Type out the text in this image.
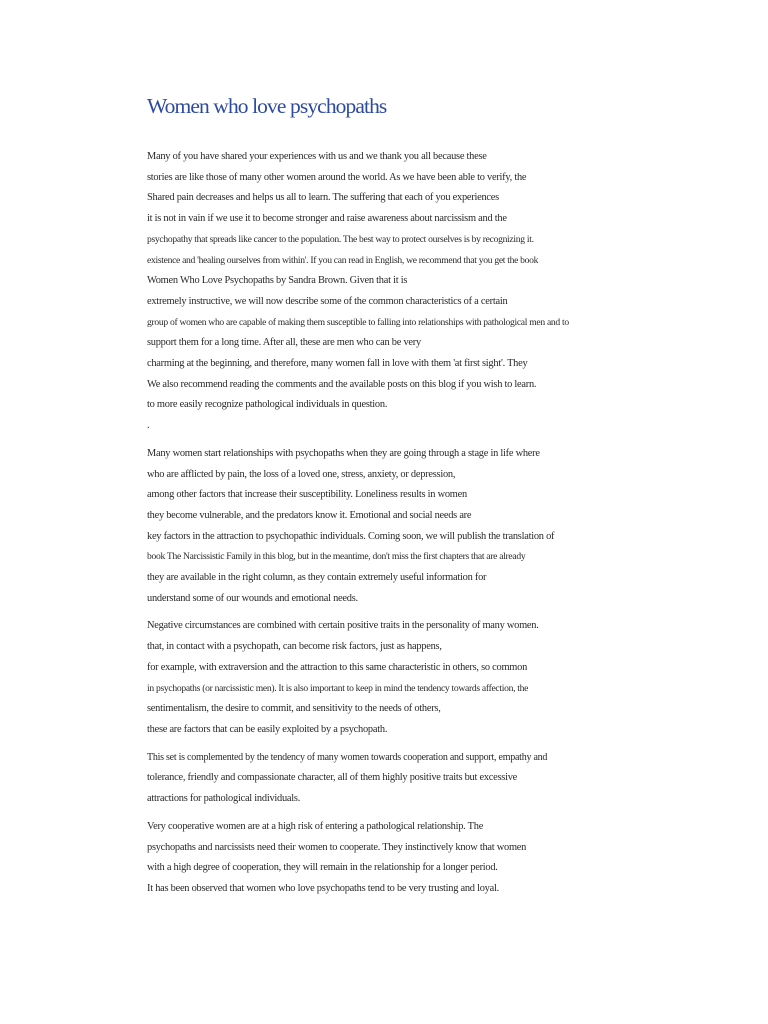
Women who love psychopaths
Many of you have shared your experiences with us and we thank you all because these
stories are like those of many other women around the world. As we have been able to verify, the
Shared pain decreases and helps us all to learn. The suffering that each of you experiences
it is not in vain if we use it to become stronger and raise awareness about narcissism and the
psychopathy that spreads like cancer to the population. The best way to protect ourselves is by recognizing it.
existence and 'healing ourselves from within'. If you can read in English, we recommend that you get the book
Women Who Love Psychopaths by Sandra Brown. Given that it is
extremely instructive, we will now describe some of the common characteristics of a certain
group of women who are capable of making them susceptible to falling into relationships with pathological men and to
support them for a long time. After all, these are men who can be very
charming at the beginning, and therefore, many women fall in love with them 'at first sight'. They
We also recommend reading the comments and the available posts on this blog if you wish to learn.
to more easily recognize pathological individuals in question.
.
Many women start relationships with psychopaths when they are going through a stage in life where
who are afflicted by pain, the loss of a loved one, stress, anxiety, or depression,
among other factors that increase their susceptibility. Loneliness results in women
they become vulnerable, and the predators know it. Emotional and social needs are
key factors in the attraction to psychopathic individuals. Coming soon, we will publish the translation of
book The Narcissistic Family in this blog, but in the meantime, don't miss the first chapters that are already
they are available in the right column, as they contain extremely useful information for
understand some of our wounds and emotional needs.
Negative circumstances are combined with certain positive traits in the personality of many women.
that, in contact with a psychopath, can become risk factors, just as happens,
for example, with extraversion and the attraction to this same characteristic in others, so common
in psychopaths (or narcissistic men). It is also important to keep in mind the tendency towards affection, the
sentimentalism, the desire to commit, and sensitivity to the needs of others,
these are factors that can be easily exploited by a psychopath.
This set is complemented by the tendency of many women towards cooperation and support, empathy and
tolerance, friendly and compassionate character, all of them highly positive traits but excessive
attractions for pathological individuals.
Very cooperative women are at a high risk of entering a pathological relationship. The
psychopaths and narcissists need their women to cooperate. They instinctively know that women
with a high degree of cooperation, they will remain in the relationship for a longer period.
It has been observed that women who love psychopaths tend to be very trusting and loyal.
